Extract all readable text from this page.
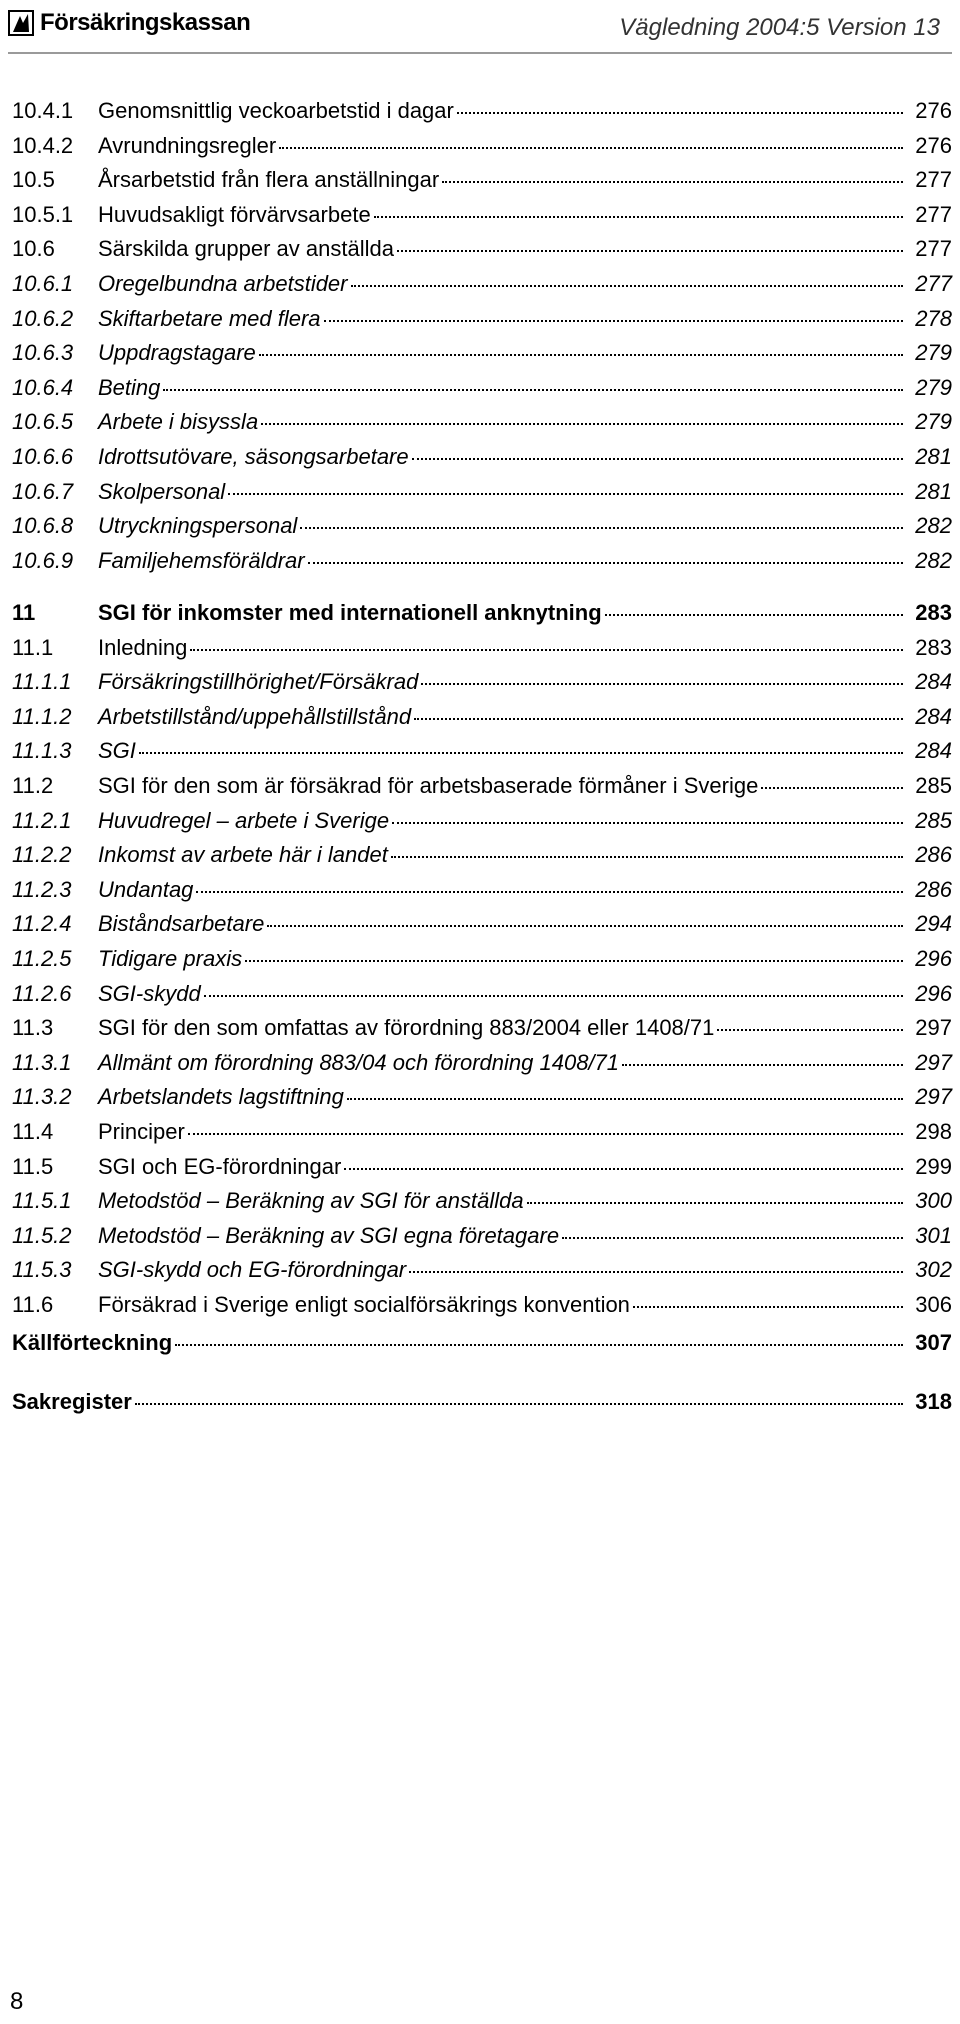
Försäkringskassan	Vägledning 2004:5 Version 13
10.4.1	Genomsnittlig veckoarbetstid i dagar	276
10.4.2	Avrundningsregler	276
10.5	Årsarbetstid från flera anställningar	277
10.5.1	Huvudsakligt förvärvsarbete	277
10.6	Särskilda grupper av anställda	277
10.6.1	Oregelbundna arbetstider	277
10.6.2	Skiftarbetare med flera	278
10.6.3	Uppdragstagare	279
10.6.4	Beting	279
10.6.5	Arbete i bisyssla	279
10.6.6	Idrottsutövare, säsongsarbetare	281
10.6.7	Skolpersonal	281
10.6.8	Utryckningspersonal	282
10.6.9	Familjehemsföräldrar	282
11	SGI för inkomster med internationell anknytning	283
11.1	Inledning	283
11.1.1	Försäkringstillhörighet/Försäkrad	284
11.1.2	Arbetstillstånd/uppehållstillstånd	284
11.1.3	SGI	284
11.2	SGI för den som är försäkrad för arbetsbaserade förmåner i Sverige	285
11.2.1	Huvudregel – arbete i Sverige	285
11.2.2	Inkomst av arbete här i landet	286
11.2.3	Undantag	286
11.2.4	Biståndsarbetare	294
11.2.5	Tidigare praxis	296
11.2.6	SGI-skydd	296
11.3	SGI för den som omfattas av förordning 883/2004 eller 1408/71	297
11.3.1	Allmänt om förordning 883/04 och förordning 1408/71	297
11.3.2	Arbetslandets lagstiftning	297
11.4	Principer	298
11.5	SGI och EG-förordningar	299
11.5.1	Metodstöd – Beräkning av SGI för anställda	300
11.5.2	Metodstöd – Beräkning av SGI egna företagare	301
11.5.3	SGI-skydd och EG-förordningar	302
11.6	Försäkrad i Sverige enligt socialförsäkrings konvention	306
Källförteckning	307
Sakregister	318
8
